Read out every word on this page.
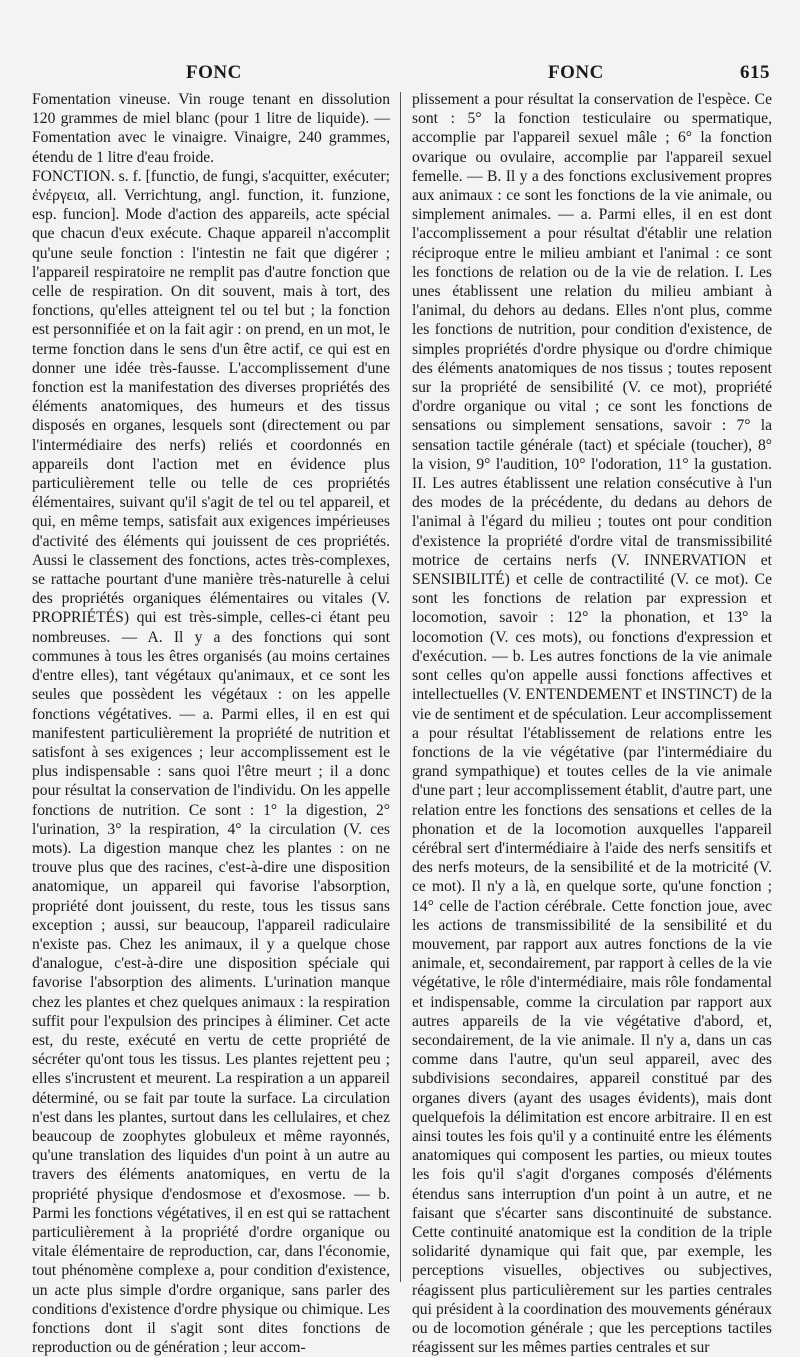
FONC	FONC	615

Fomentation vineuse. Vin rouge tenant en dissolution 120 grammes de miel blanc (pour 1 litre de liquide). — Fomentation avec le vinaigre. Vinaigre, 240 grammes, étendu de 1 litre d'eau froide.

FONCTION. s. f. [functio, de fungi, s'acquitter, exécuter; ἐνέργεια, all. Verrichtung, angl. function, it. funzione, esp. funcion]. Mode d'action des appareils, acte spécial que chacun d'eux exécute. Chaque appareil n'accomplit qu'une seule fonction : l'intestin ne fait que digérer ; l'appareil respiratoire ne remplit pas d'autre fonction que celle de respiration. On dit souvent, mais à tort, des fonctions, qu'elles atteignent tel ou tel but ; la fonction est personnifiée et on la fait agir : on prend, en un mot, le terme fonction dans le sens d'un être actif, ce qui est en donner une idée très-fausse. L'accomplissement d'une fonction est la manifestation des diverses propriétés des éléments anatomiques, des humeurs et des tissus disposés en organes, lesquels sont (directement ou par l'intermédiaire des nerfs) reliés et coordonnés en appareils dont l'action met en évidence plus particulièrement telle ou telle de ces propriétés élémentaires, suivant qu'il s'agit de tel ou tel appareil, et qui, en même temps, satisfait aux exigences impérieuses d'activité des éléments qui jouissent de ces propriétés. Aussi le classement des fonctions, actes très-complexes, se rattache pourtant d'une manière très-naturelle à celui des propriétés organiques élémentaires ou vitales (V. PROPRIÉTÉS) qui est très-simple, celles-ci étant peu nombreuses. — A. Il y a des fonctions qui sont communes à tous les êtres organisés (au moins certaines d'entre elles), tant végétaux qu'animaux, et ce sont les seules que possèdent les végétaux : on les appelle fonctions végétatives. — a. Parmi elles, il en est qui manifestent particulièrement la propriété de nutrition et satisfont à ses exigences ; leur accomplissement est le plus indispensable : sans quoi l'être meurt ; il a donc pour résultat la conservation de l'individu. On les appelle fonctions de nutrition. Ce sont : 1° la digestion, 2° l'urination, 3° la respiration, 4° la circulation (V. ces mots). La digestion manque chez les plantes : on ne trouve plus que des racines, c'est-à-dire une disposition anatomique, un appareil qui favorise l'absorption, propriété dont jouissent, du reste, tous les tissus sans exception ; aussi, sur beaucoup, l'appareil radiculaire n'existe pas. Chez les animaux, il y a quelque chose d'analogue, c'est-à-dire une disposition spéciale qui favorise l'absorption des aliments. L'urination manque chez les plantes et chez quelques animaux : la respiration suffit pour l'expulsion des principes à éliminer. Cet acte est, du reste, exécuté en vertu de cette propriété de sécréter qu'ont tous les tissus. Les plantes rejettent peu ; elles s'incrustent et meurent. La respiration a un appareil déterminé, ou se fait par toute la surface. La circulation n'est dans les plantes, surtout dans les cellulaires, et chez beaucoup de zoophytes globuleux et même rayonnés, qu'une translation des liquides d'un point à un autre au travers des éléments anatomiques, en vertu de la propriété physique d'endosmose et d'exosmose. — b. Parmi les fonctions végétatives, il en est qui se rattachent particulièrement à la propriété d'ordre organique ou vitale élémentaire de reproduction, car, dans l'économie, tout phénomène complexe a, pour condition d'existence, un acte plus simple d'ordre organique, sans parler des conditions d'existence d'ordre physique ou chimique. Les fonctions dont il s'agit sont dites fonctions de reproduction ou de génération ; leur accom-

plissement a pour résultat la conservation de l'espèce. Ce sont : 5° la fonction testiculaire ou spermatique, accomplie par l'appareil sexuel mâle ; 6° la fonction ovarique ou ovulaire, accomplie par l'appareil sexuel femelle. — B. Il y a des fonctions exclusivement propres aux animaux : ce sont les fonctions de la vie animale, ou simplement animales. — a. Parmi elles, il en est dont l'accomplissement a pour résultat d'établir une relation réciproque entre le milieu ambiant et l'animal : ce sont les fonctions de relation ou de la vie de relation. I. Les unes établissent une relation du milieu ambiant à l'animal, du dehors au dedans. Elles n'ont plus, comme les fonctions de nutrition, pour condition d'existence, de simples propriétés d'ordre physique ou d'ordre chimique des éléments anatomiques de nos tissus ; toutes reposent sur la propriété de sensibilité (V. ce mot), propriété d'ordre organique ou vital ; ce sont les fonctions de sensations ou simplement sensations, savoir : 7° la sensation tactile générale (tact) et spéciale (toucher), 8° la vision, 9° l'audition, 10° l'odoration, 11° la gustation. II. Les autres établissent une relation consécutive à l'un des modes de la précédente, du dedans au dehors de l'animal à l'égard du milieu ; toutes ont pour condition d'existence la propriété d'ordre vital de transmissibilité motrice de certains nerfs (V. INNERVATION et SENSIBILITÉ) et celle de contractilité (V. ce mot). Ce sont les fonctions de relation par expression et locomotion, savoir : 12° la phonation, et 13° la locomotion (V. ces mots), ou fonctions d'expression et d'exécution. — b. Les autres fonctions de la vie animale sont celles qu'on appelle aussi fonctions affectives et intellectuelles (V. ENTENDEMENT et INSTINCT) de la vie de sentiment et de spéculation. Leur accomplissement a pour résultat l'établissement de relations entre les fonctions de la vie végétative (par l'intermédiaire du grand sympathique) et toutes celles de la vie animale d'une part ; leur accomplissement établit, d'autre part, une relation entre les fonctions des sensations et celles de la phonation et de la locomotion auxquelles l'appareil cérébral sert d'intermédiaire à l'aide des nerfs sensitifs et des nerfs moteurs, de la sensibilité et de la motricité (V. ce mot). Il n'y a là, en quelque sorte, qu'une fonction ; 14° celle de l'action cérébrale. Cette fonction joue, avec les actions de transmissibilité de la sensibilité et du mouvement, par rapport aux autres fonctions de la vie animale, et, secondairement, par rapport à celles de la vie végétative, le rôle d'intermédiaire, mais rôle fondamental et indispensable, comme la circulation par rapport aux autres appareils de la vie végétative d'abord, et, secondairement, de la vie animale. Il n'y a, dans un cas comme dans l'autre, qu'un seul appareil, avec des subdivisions secondaires, appareil constitué par des organes divers (ayant des usages évidents), mais dont quelquefois la délimitation est encore arbitraire. Il en est ainsi toutes les fois qu'il y a continuité entre les éléments anatomiques qui composent les parties, ou mieux toutes les fois qu'il s'agit d'organes composés d'éléments étendus sans interruption d'un point à un autre, et ne faisant que s'écarter sans discontinuité de substance. Cette continuité anatomique est la condition de la triple solidarité dynamique qui fait que, par exemple, les perceptions visuelles, objectives ou subjectives, réagissent plus particulièrement sur les parties centrales qui président à la coordination des mouvements généraux ou de locomotion générale ; que les perceptions tactiles réagissent sur les mêmes parties centrales et sur
